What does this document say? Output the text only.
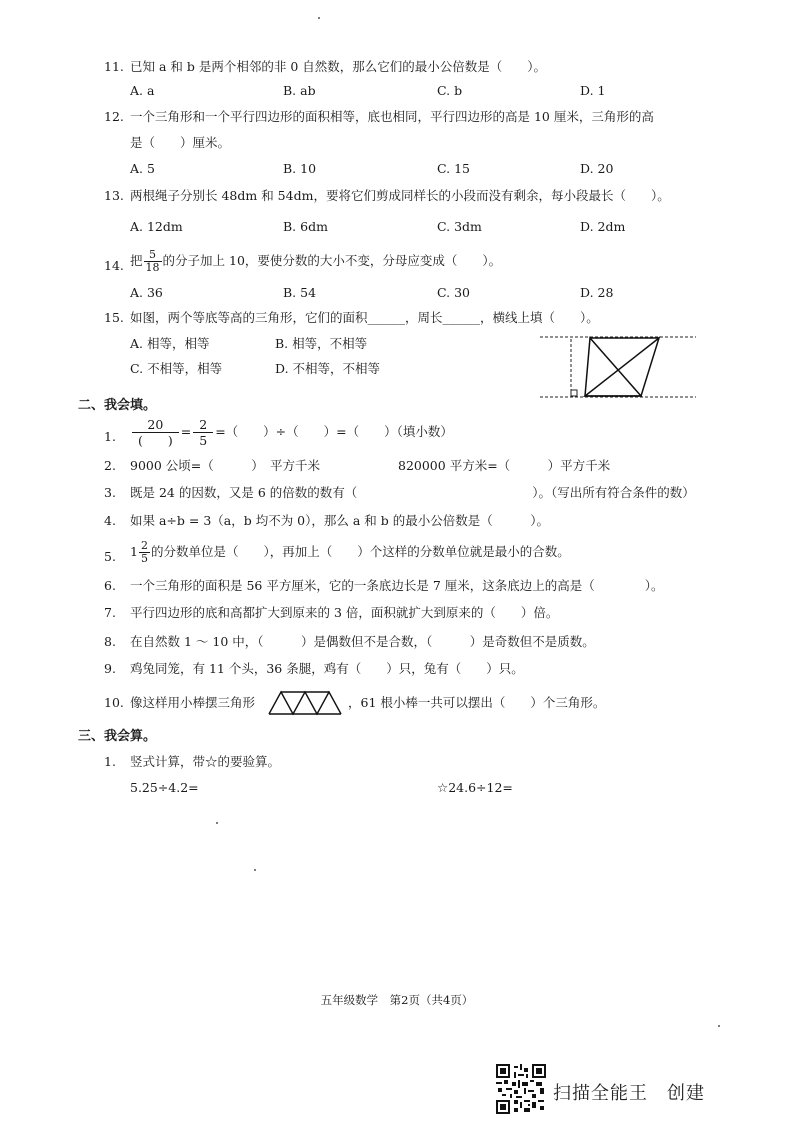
11. 已知 a 和 b 是两个相邻的非 0 自然数，那么它们的最小公倍数是（　　）。
A. a	B. ab	C. b	D. 1
12. 一个三角形和一个平行四边形的面积相等，底也相同，平行四边形的高是 10 厘米，三角形的高
是（　　）厘米。
A. 5	B. 10	C. 15	D. 20
13. 两根绳子分别长 48dm 和 54dm，要将它们剪成同样长的小段而没有剩余，每小段最长（　　）。
A. 12dm	B. 6dm	C. 3dm	D. 2dm
14. 把 $\frac{5}{18}$ 的分子加上 10，要使分数的大小不变，分母应变成（　　）。
A. 36	B. 54	C. 30	D. 28
15. 如图，两个等底等高的三角形，它们的面积______，周长______，横线上填（　　）。
A. 相等，相等	B. 相等，不相等
C. 不相等，相等	D. 不相等，不相等
二、我会填。
1.
20
(　　)
= $\frac{2}{5}$ =（　　）÷（　　）=（　　）（填小数）
2. 9000 公顷=（　　　）　平方千米	820000 平方米=（　　　）平方千米
3. 既是 24 的因数，又是 6 的倍数的数有（　　　　　　　　　　　　　　）。（写出所有符合条件的数）
4. 如果 a÷b = 3（a，b 均不为 0），那么 a 和 b 的最小公倍数是（　　　）。
5. $1 \frac{2}{5}$ 的分数单位是（　　），再加上（　　）个这样的分数单位就是最小的合数。
6. 一个三角形的面积是 56 平方厘米，它的一条底边长是 7 厘米，这条底边上的高是（　　　　）。
7. 平行四边形的底和高都扩大到原来的 3 倍，面积就扩大到原来的（　　）倍。
8. 在自然数 1 ～ 10 中，（　　　）是偶数但不是合数，（　　　）是奇数但不是质数。
9. 鸡兔同笼，有 11 个头，36 条腿，鸡有（　　）只，兔有（　　）只。
10. 像这样用小棒摆三角形	，61 根小棒一共可以摆出（　　）个三角形。
三、我会算。
1. 竖式计算，带☆的要验算。
5.25÷4.2=	☆24.6÷12=
五年级数学　第2页（共4页）
扫描全能王　创建
